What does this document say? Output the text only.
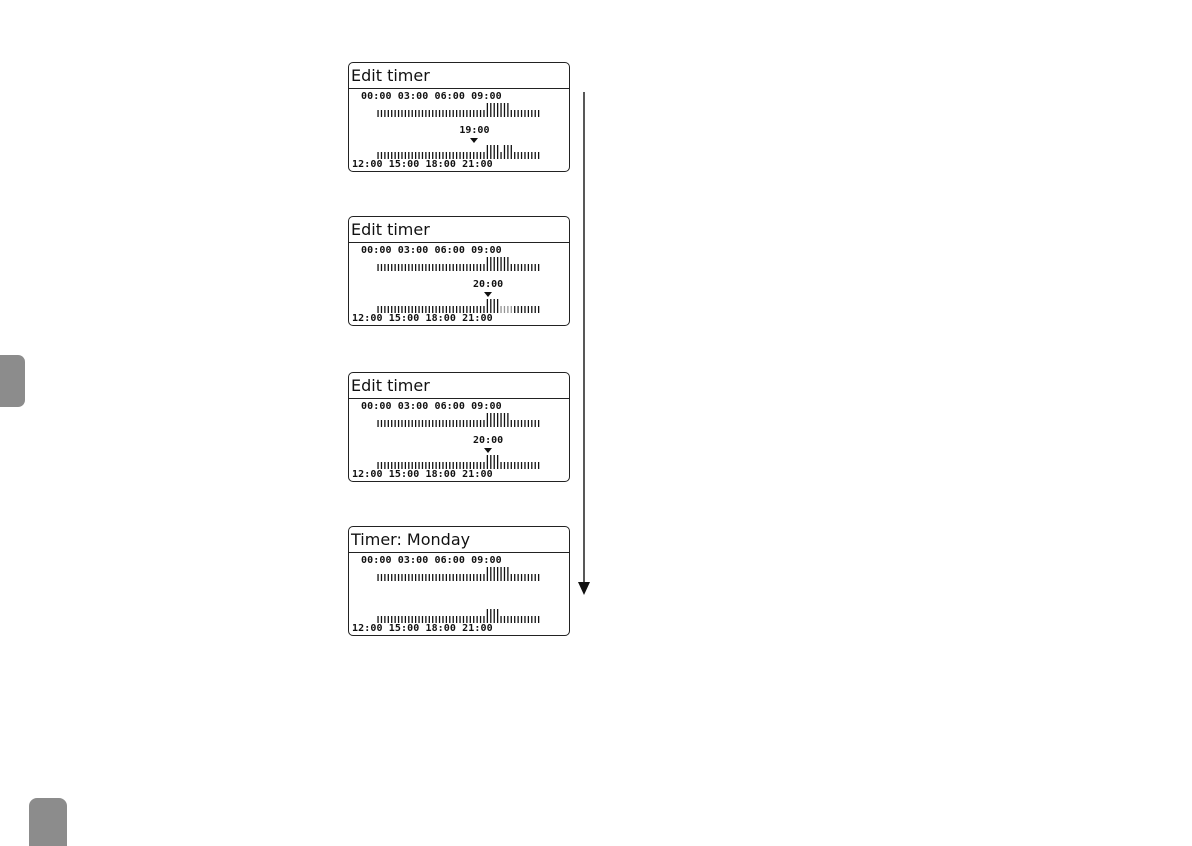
Edit timer
00:00 03:00 06:00 09:00
19:00
12:00 15:00 18:00 21:00
Edit timer
00:00 03:00 06:00 09:00
20:00
12:00 15:00 18:00 21:00
Edit timer
00:00 03:00 06:00 09:00
20:00
12:00 15:00 18:00 21:00
Timer: Monday
00:00 03:00 06:00 09:00
12:00 15:00 18:00 21:00
